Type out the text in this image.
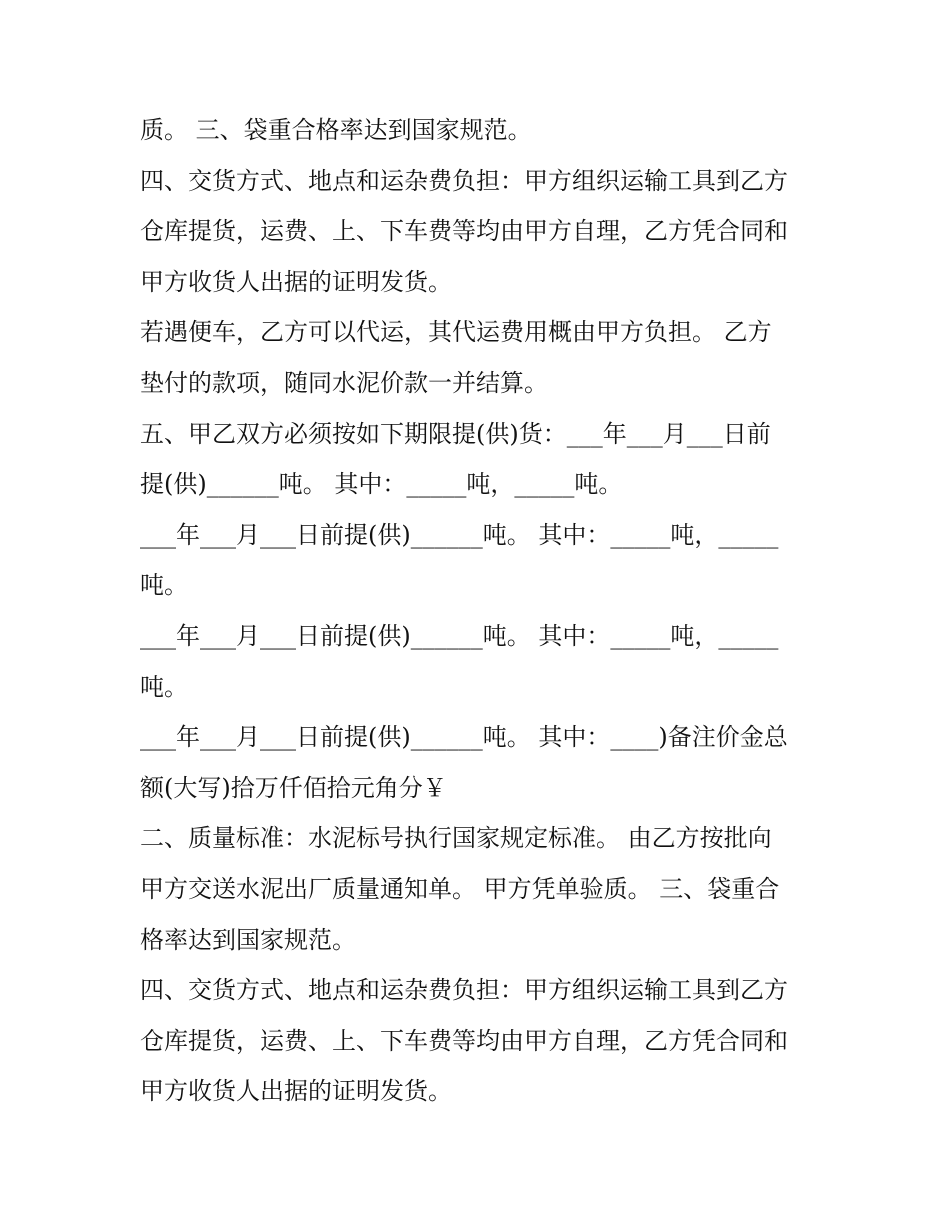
质。 三、袋重合格率达到国家规范。
四、交货方式、地点和运杂费负担：甲方组织运输工具到乙方
仓库提货，运费、上、下车费等均由甲方自理，乙方凭合同和
甲方收货人出据的证明发货。
若遇便车，乙方可以代运，其代运费用概由甲方负担。 乙方
垫付的款项，随同水泥价款一并结算。
五、甲乙双方必须按如下期限提(供)货：___年___月___日前
提(供)______吨。 其中：_____吨，_____吨。
___年___月___日前提(供)______吨。 其中：_____吨，_____
吨。
___年___月___日前提(供)______吨。 其中：_____吨，_____
吨。
___年___月___日前提(供)______吨。 其中：____)备注价金总
额(大写)拾万仟佰拾元角分￥
二、质量标准：水泥标号执行国家规定标准。 由乙方按批向
甲方交送水泥出厂质量通知单。 甲方凭单验质。 三、袋重合
格率达到国家规范。
四、交货方式、地点和运杂费负担：甲方组织运输工具到乙方
仓库提货，运费、上、下车费等均由甲方自理，乙方凭合同和
甲方收货人出据的证明发货。
